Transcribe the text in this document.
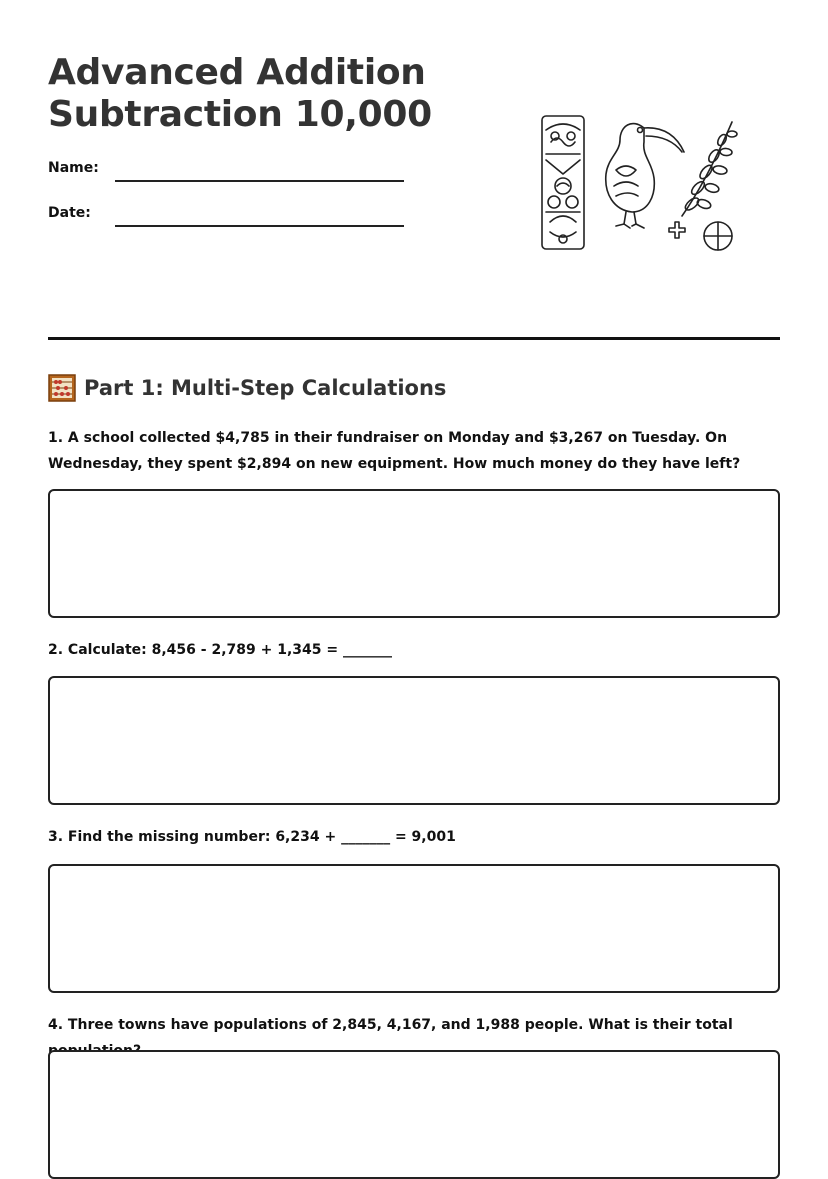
Advanced Addition
Subtraction 10,000
Name:
Date:
Part 1: Multi-Step Calculations
1. A school collected $4,785 in their fundraiser on Monday and $3,267 on Tuesday. On Wednesday, they spent $2,894 on new equipment. How much money do they have left?
2. Calculate: 8,456 - 2,789 + 1,345 = _______
3. Find the missing number: 6,234 + _______ = 9,001
4. Three towns have populations of 2,845, 4,167, and 1,988 people. What is their total
